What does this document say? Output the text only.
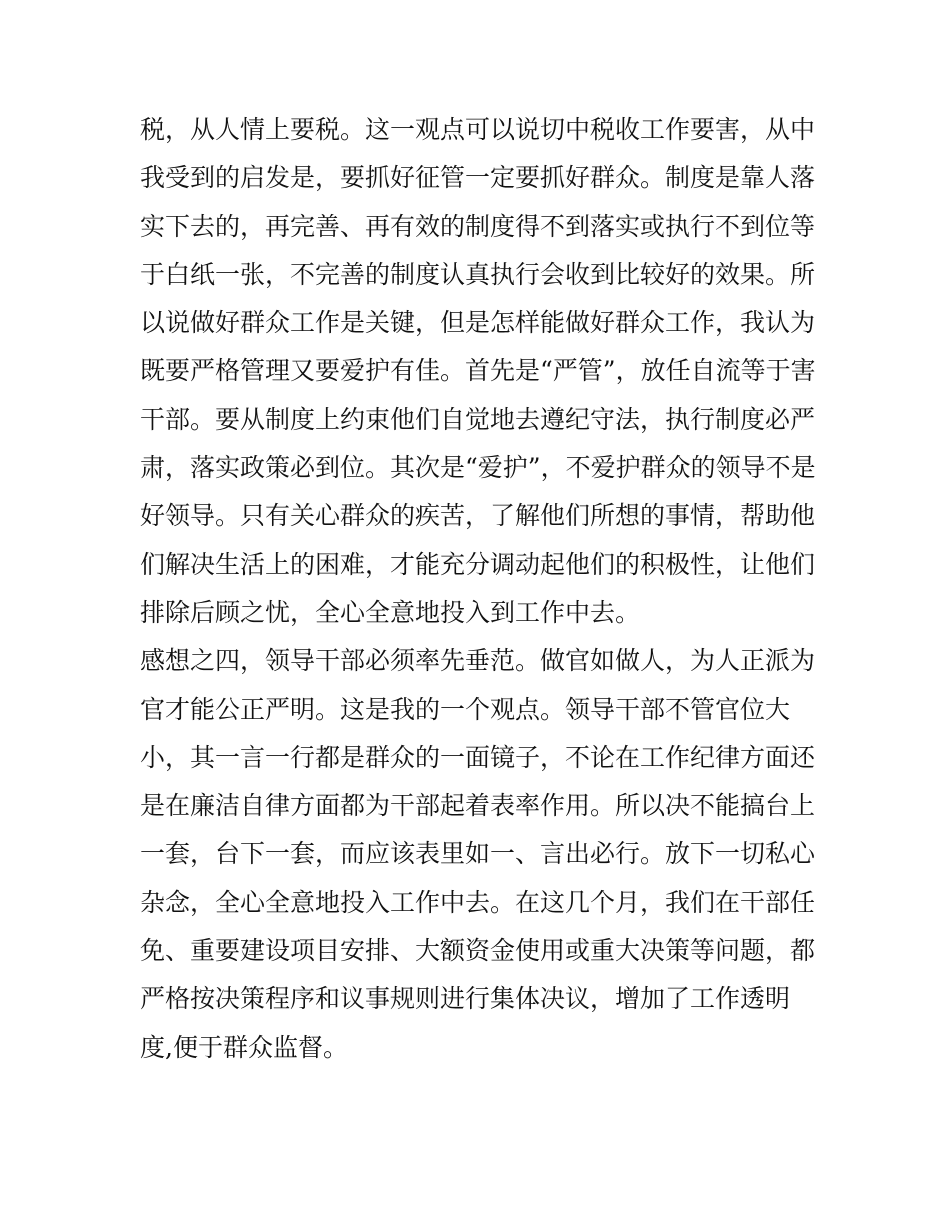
税，从人情上要税。这一观点可以说切中税收工作要害，从中
我受到的启发是，要抓好征管一定要抓好群众。制度是靠人落
实下去的，再完善、再有效的制度得不到落实或执行不到位等
于白纸一张，不完善的制度认真执行会收到比较好的效果。所
以说做好群众工作是关键，但是怎样能做好群众工作，我认为
既要严格管理又要爱护有佳。首先是“严管”，放任自流等于害
干部。要从制度上约束他们自觉地去遵纪守法，执行制度必严
肃，落实政策必到位。其次是“爱护”，不爱护群众的领导不是
好领导。只有关心群众的疾苦，了解他们所想的事情，帮助他
们解决生活上的困难，才能充分调动起他们的积极性，让他们
排除后顾之忧，全心全意地投入到工作中去。
感想之四，领导干部必须率先垂范。做官如做人，为人正派为
官才能公正严明。这是我的一个观点。领导干部不管官位大
小，其一言一行都是群众的一面镜子，不论在工作纪律方面还
是在廉洁自律方面都为干部起着表率作用。所以决不能搞台上
一套，台下一套，而应该表里如一、言出必行。放下一切私心
杂念，全心全意地投入工作中去。在这几个月，我们在干部任
免、重要建设项目安排、大额资金使用或重大决策等问题，都
严格按决策程序和议事规则进行集体决议，增加了工作透明
度,便于群众监督。
